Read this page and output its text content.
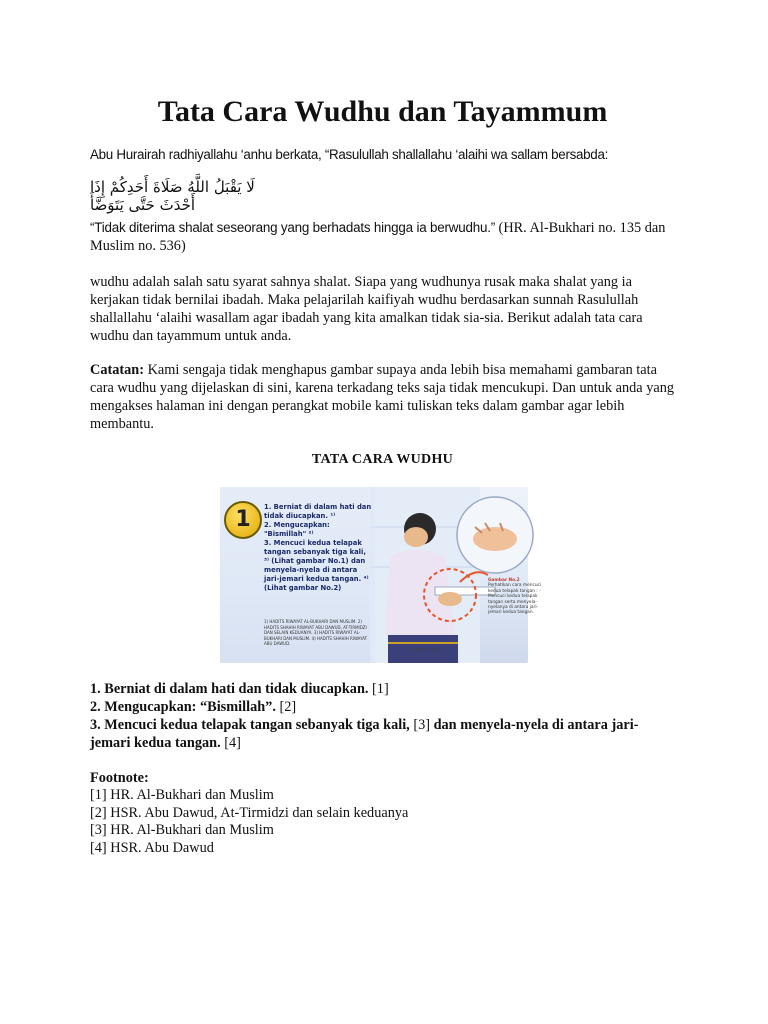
Tata Cara Wudhu dan Tayammum

Abu Hurairah radhiyallahu ‘anhu berkata, “Rasulullah shallallahu ‘alaihi wa sallam bersabda:

لَا يَقْبَلُ اللَّهُ صَلَاةَ أَحَدِكُمْ إِذَا أَحْدَثَ حَتَّى يَتَوَضَّأَ

“Tidak diterima shalat seseorang yang berhadats hingga ia berwudhu.” (HR. Al-Bukhari no. 135 dan Muslim no. 536)

wudhu adalah salah satu syarat sahnya shalat. Siapa yang wudhunya rusak maka shalat yang ia kerjakan tidak bernilai ibadah. Maka pelajarilah kaifiyah wudhu berdasarkan sunnah Rasulullah shallallahu ‘alaihi wasallam agar ibadah yang kita amalkan tidak sia-sia. Berikut adalah tata cara wudhu dan tayammum untuk anda.

Catatan: Kami sengaja tidak menghapus gambar supaya anda lebih bisa memahami gambaran tata cara wudhu yang dijelaskan di sini, karena terkadang teks saja tidak mencukupi. Dan untuk anda yang mengakses halaman ini dengan perangkat mobile kami tuliskan teks dalam gambar agar lebih membantu.

TATA CARA WUDHU

1	1. Berniat di dalam hati dan tidak diucapkan. ¹⁾
2. Mengucapkan: "Bismillah" ²⁾
3. Mencuci kedua telapak tangan sebanyak tiga kali, ³⁾ (Lihat gambar No.1) dan menyela-nyela di antara jari-jemari kedua tangan. ⁴⁾ (Lihat gambar No.2)
1) HADITS RIWAYAT AL-BUKHARI DAN MUSLIM. 2) HADITS SHAHIH RIWAYAT ABU DAWUD, AT-TIRMIDZI DAN SELAIN KEDUANYA. 3) HADITS RIWAYAT AL-BUKHARI DAN MUSLIM. 4) HADITS SHAHIH RIWAYAT ABU DAWUD.
Gambar No.2
Perhatikan cara mencuci kedua telapak tangan : - Mencuci kedua telapak tangan serta menyela-nyelanya di antara jari-jemari kedua tangan.
Gambar No.1
1. Berniat di dalam hati dan tidak diucapkan. [1]
2. Mengucapkan: “Bismillah”. [2]
3. Mencuci kedua telapak tangan sebanyak tiga kali, [3] dan menyela-nyela di antara jari-jemari kedua tangan. [4]
Footnote:
[1] HR. Al-Bukhari dan Muslim
[2] HSR. Abu Dawud, At-Tirmidzi dan selain keduanya
[3] HR. Al-Bukhari dan Muslim
[4] HSR. Abu Dawud
